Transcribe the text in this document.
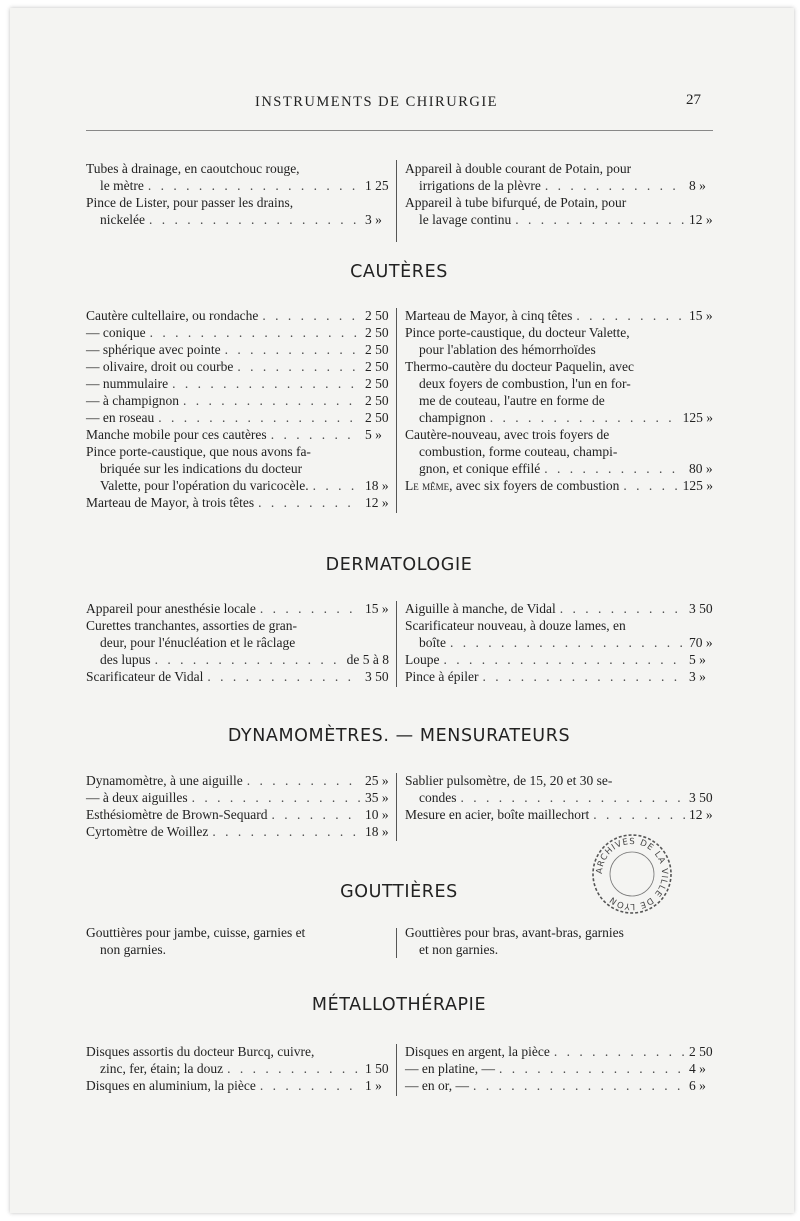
INSTRUMENTS DE CHIRURGIE	27
Tubes à drainage, en caoutchouc rouge,
le mètre . . .	1 25
Pince de Lister, pour passer les drains,
nickelée . . .	3 »
Appareil à double courant de Potain, pour
irrigations de la plèvre . . .	8 »
Appareil à tube bifurqué, de Potain, pour
le lavage continu . . .	12 »
CAUTÈRES
Cautère cultellaire, ou rondache . . .	2 50
— conique . . .	2 50
— sphérique avec pointe . . .	2 50
— olivaire, droit ou courbe . . .	2 50
— nummulaire . . .	2 50
— à champignon . . .	2 50
— en roseau . . .	2 50
Manche mobile pour ces cautères . . .	5 »
Pince porte-caustique, que nous avons fa-
briquée sur les indications du docteur
Valette, pour l'opération du varicocèle. . . .	18 »
Marteau de Mayor, à trois têtes . . .	12 »
Marteau de Mayor, à cinq têtes . . .	15 »
Pince porte-caustique, du docteur Valette,
pour l'ablation des hémorrhoïdes
Thermo-cautère du docteur Paquelin, avec
deux foyers de combustion, l'un en for-
me de couteau, l'autre en forme de
champignon . . .	125 »
Cautère-nouveau, avec trois foyers de
combustion, forme couteau, champi-
gnon, et conique effilé . . .	80 »
Le même , avec six foyers de combustion . . .	125 »
DERMATOLOGIE
Appareil pour anesthésie locale . . .	15 »
Curettes tranchantes, assorties de gran-
deur, pour l'énucléation et le râclage
des lupus . . .	de 5 à 8
Scarificateur de Vidal . . .	3 50
Aiguille à manche, de Vidal . . .	3 50
Scarificateur nouveau, à douze lames, en
boîte . . .	70 »
Loupe . . .	5 »
Pince à épiler . . .	3 »
DYNAMOMÈTRES. — MENSURATEURS
Dynamomètre, à une aiguille . . .	25 »
— à deux aiguilles . . .	35 »
Esthésiomètre de Brown-Sequard . . .	10 »
Cyrtomètre de Woillez . . .	18 »
Sablier pulsomètre, de 15, 20 et 30 se-
condes . . .	3 50
Mesure en acier, boîte maillechort . . .	12 »
ARCHIVES DE LA VILLE DE LYON
GOUTTIÈRES
Gouttières pour jambe, cuisse, garnies et
non garnies.
Gouttières pour bras, avant-bras, garnies
et non garnies.
MÉTALLOTHÉRAPIE
Disques assortis du docteur Burcq, cuivre,
zinc, fer, étain; la douz . . .	1 50
Disques en aluminium, la pièce . . .	1 »
Disques en argent, la pièce . . .	2 50
— en platine, — . . .	4 »
— en or, — . . .	6 »
